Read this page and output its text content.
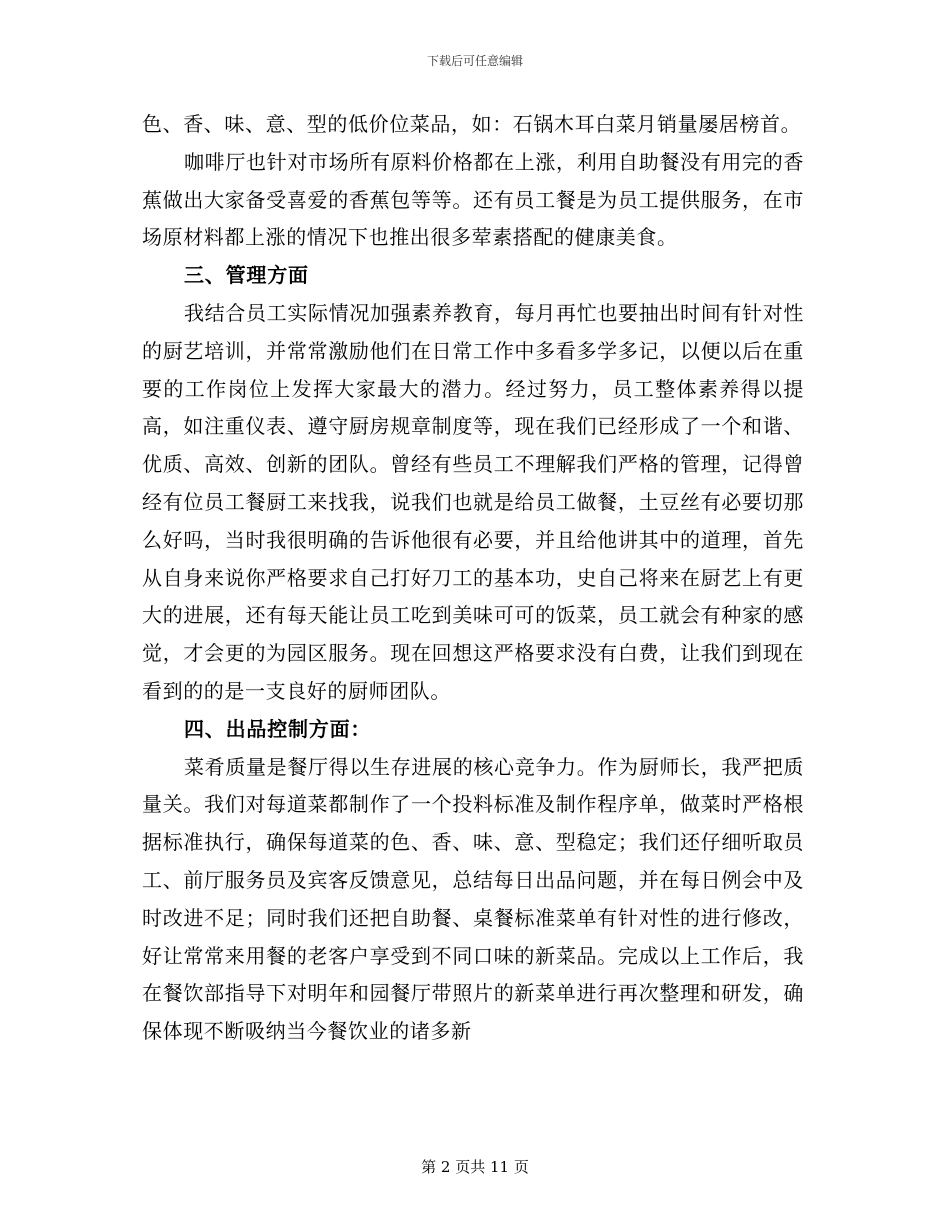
下载后可任意编辑

色、香、味、意、型的低价位菜品，如：石锅木耳白菜月销量屡居榜首。

咖啡厅也针对市场所有原料价格都在上涨，利用自助餐没有用完的香蕉做出大家备受喜爱的香蕉包等等。还有员工餐是为员工提供服务，在市场原材料都上涨的情况下也推出很多荤素搭配的健康美食。

三、管理方面

我结合员工实际情况加强素养教育，每月再忙也要抽出时间有针对性的厨艺培训，并常常激励他们在日常工作中多看多学多记，以便以后在重要的工作岗位上发挥大家最大的潜力。经过努力，员工整体素养得以提高，如注重仪表、遵守厨房规章制度等，现在我们已经形成了一个和谐、优质、高效、创新的团队。曾经有些员工不理解我们严格的管理，记得曾经有位员工餐厨工来找我，说我们也就是给员工做餐，土豆丝有必要切那么好吗，当时我很明确的告诉他很有必要，并且给他讲其中的道理，首先从自身来说你严格要求自己打好刀工的基本功，史自己将来在厨艺上有更大的进展，还有每天能让员工吃到美味可可的饭菜，员工就会有种家的感觉，才会更的为园区服务。现在回想这严格要求没有白费，让我们到现在看到的的是一支良好的厨师团队。

四、出品控制方面：

菜肴质量是餐厅得以生存进展的核心竞争力。作为厨师长，我严把质量关。我们对每道菜都制作了一个投料标准及制作程序单，做菜时严格根据标准执行，确保每道菜的色、香、味、意、型稳定；我们还仔细听取员工、前厅服务员及宾客反馈意见，总结每日出品问题，并在每日例会中及时改进不足；同时我们还把自助餐、桌餐标准菜单有针对性的进行修改，好让常常来用餐的老客户享受到不同口味的新菜品。完成以上工作后，我在餐饮部指导下对明年和园餐厅带照片的新菜单进行再次整理和研发，确保体现不断吸纳当今餐饮业的诸多新

第 2 页共 11 页
